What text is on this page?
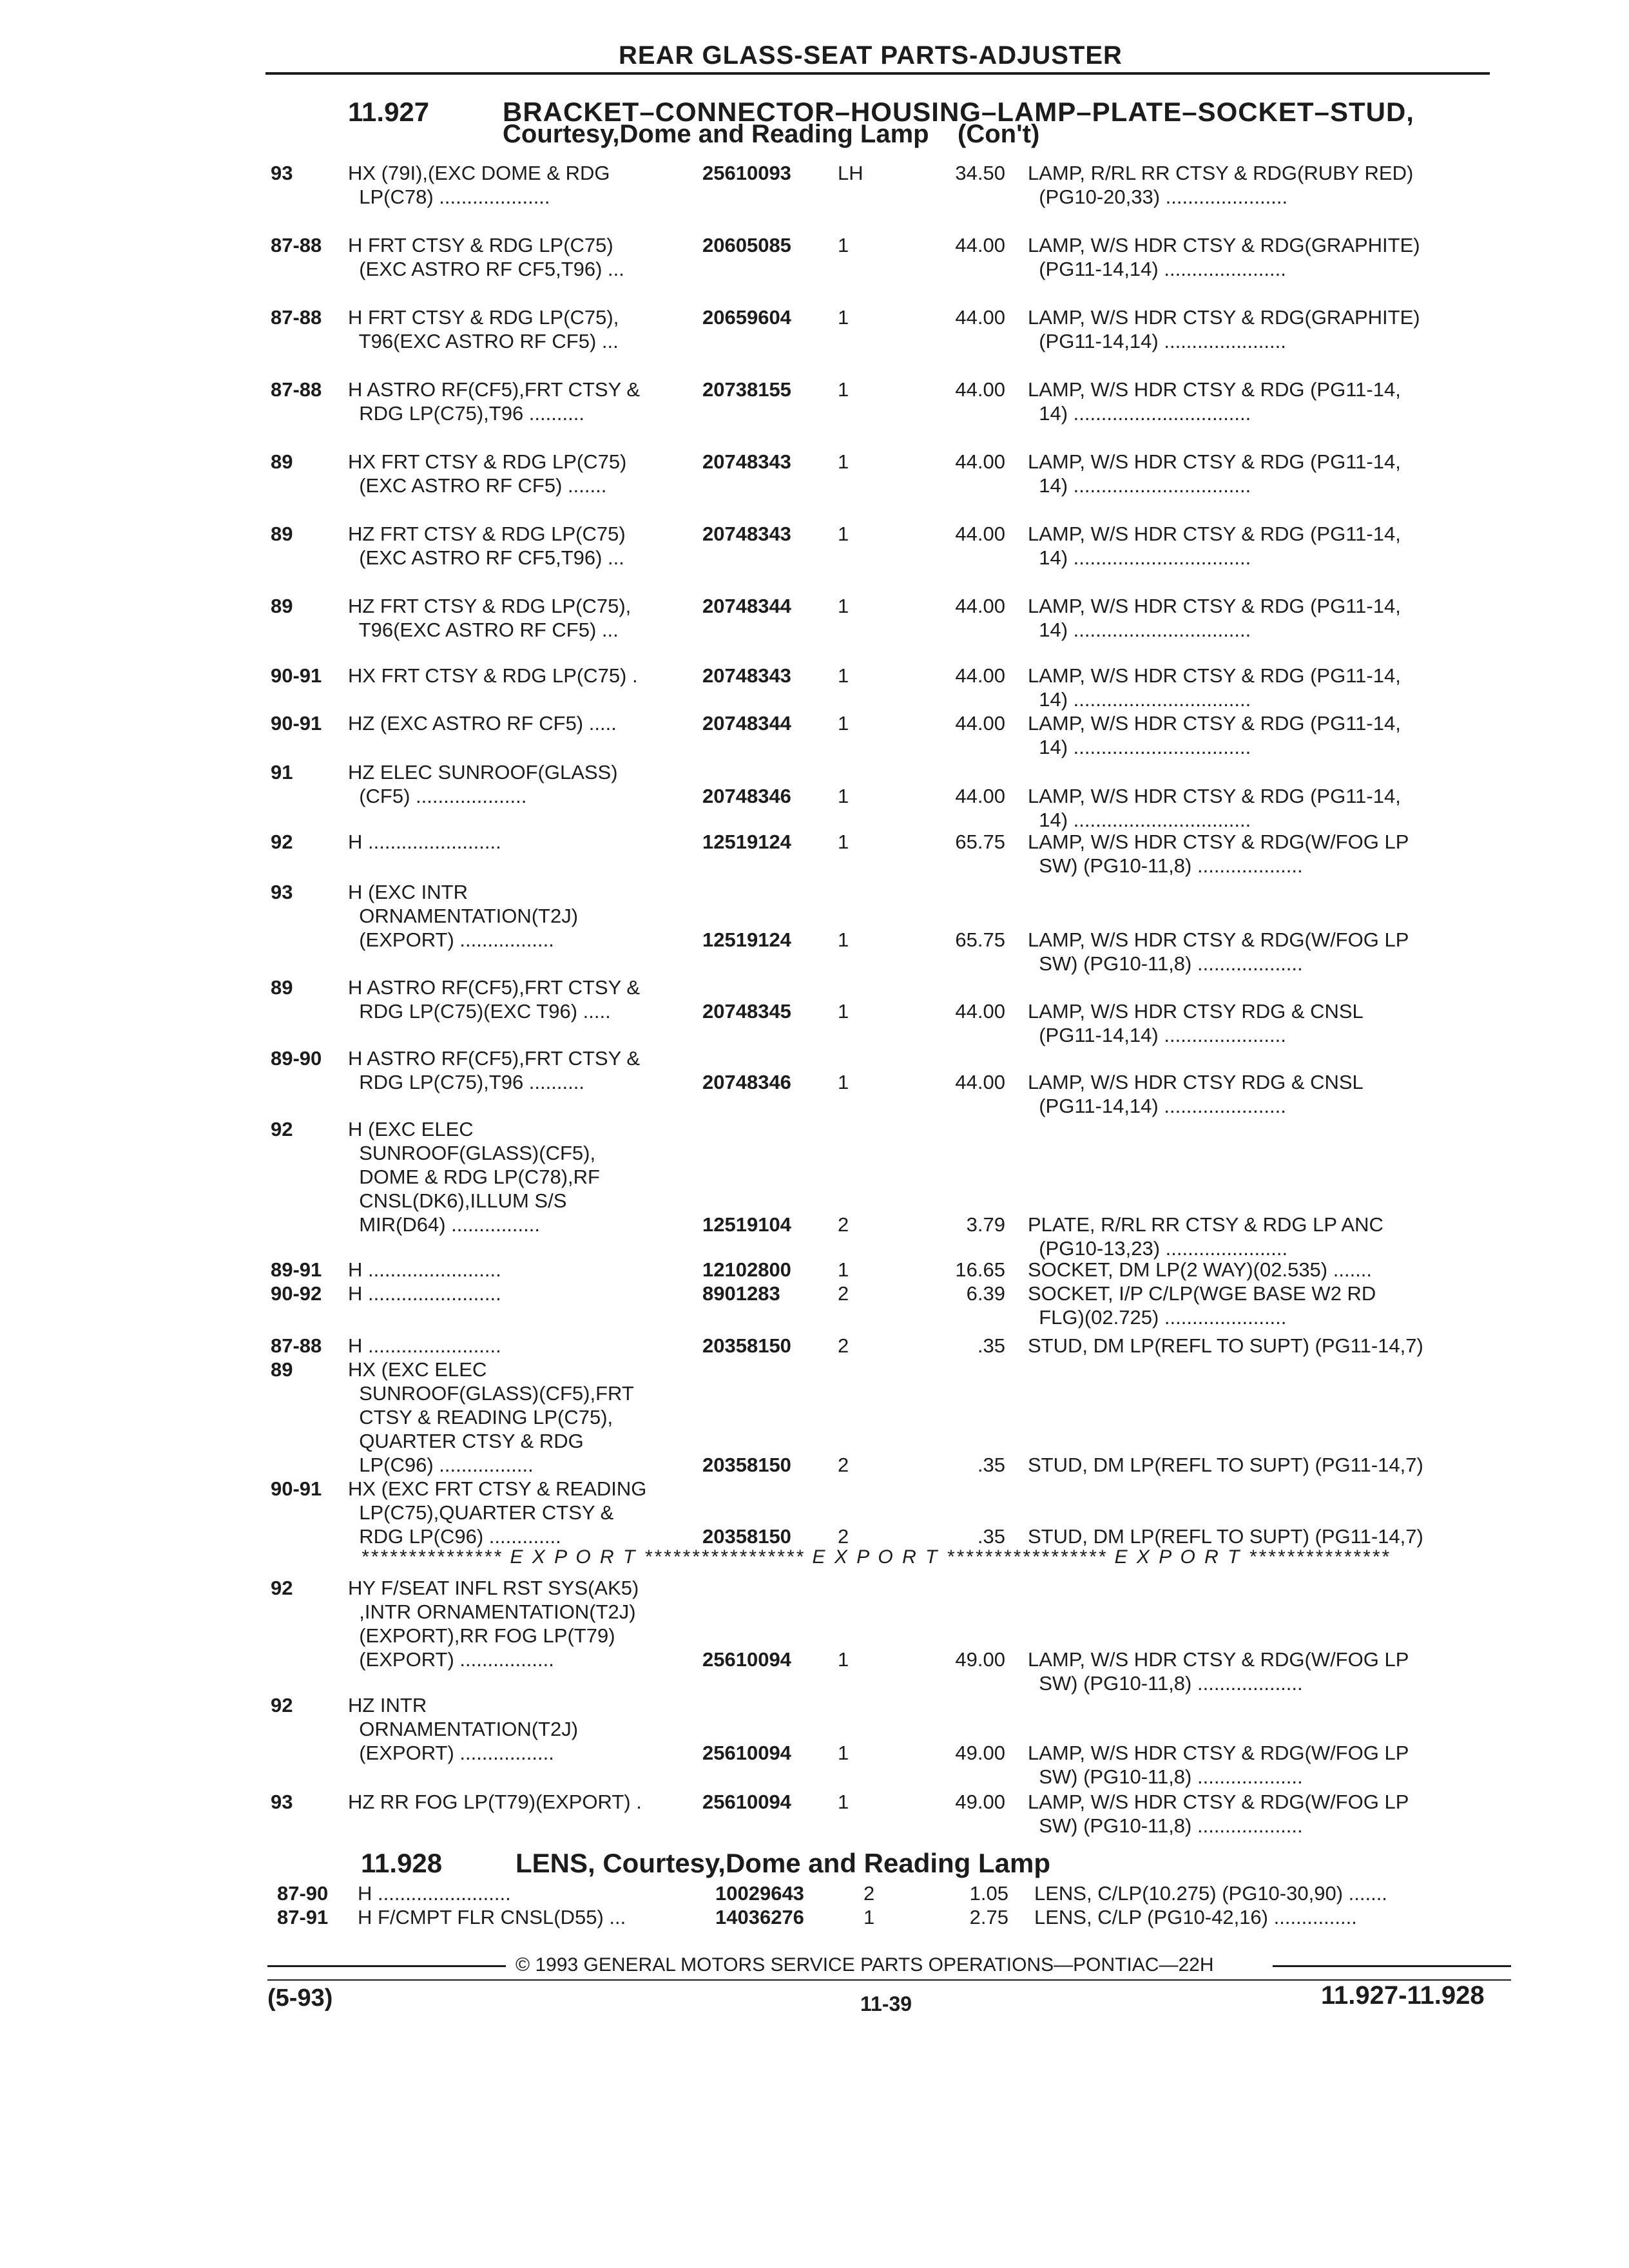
REAR GLASS-SEAT PARTS-ADJUSTER
11.927	BRACKET–CONNECTOR–HOUSING–LAMP–PLATE–SOCKET–STUD,
Courtesy,Dome and Reading Lamp    (Con't)
93	HX (79I),(EXC DOME & RDG
LP(C78) ....................
25610093 LH	34.50 LAMP, R/RL RR CTSY & RDG(RUBY RED)
(PG10-20,33) ......................
87-88 H FRT CTSY & RDG LP(C75)
(EXC ASTRO RF CF5,T96) ...
20605085 1	44.00 LAMP, W/S HDR CTSY & RDG(GRAPHITE)
(PG11-14,14) ......................
87-88 H FRT CTSY & RDG LP(C75),
T96(EXC ASTRO RF CF5) ...
20659604 1	44.00 LAMP, W/S HDR CTSY & RDG(GRAPHITE)
(PG11-14,14) ......................
87-88 H ASTRO RF(CF5),FRT CTSY &
RDG LP(C75),T96 ..........
20738155 1	44.00 LAMP, W/S HDR CTSY & RDG (PG11-14,
14) ................................
89	HX FRT CTSY & RDG LP(C75)
(EXC ASTRO RF CF5) .......
20748343 1	44.00 LAMP, W/S HDR CTSY & RDG (PG11-14,
14) ................................
89	HZ FRT CTSY & RDG LP(C75)
(EXC ASTRO RF CF5,T96) ...
20748343 1	44.00 LAMP, W/S HDR CTSY & RDG (PG11-14,
14) ................................
89	HZ FRT CTSY & RDG LP(C75),
T96(EXC ASTRO RF CF5) ...
20748344 1	44.00 LAMP, W/S HDR CTSY & RDG (PG11-14,
14) ................................
90-91 HX FRT CTSY & RDG LP(C75) .	20748343 1	44.00 LAMP, W/S HDR CTSY & RDG (PG11-14,
14) ................................
90-91 HZ (EXC ASTRO RF CF5) .....	20748344 1	44.00 LAMP, W/S HDR CTSY & RDG (PG11-14,
14) ................................
91	HZ ELEC SUNROOF(GLASS)
(CF5) ....................	20748346 1	44.00 LAMP, W/S HDR CTSY & RDG (PG11-14,
14) ................................
92	H ........................	12519124 1	65.75 LAMP, W/S HDR CTSY & RDG(W/FOG LP
SW) (PG10-11,8) ...................
93	H (EXC INTR
ORNAMENTATION(T2J)
(EXPORT) .................	12519124 1	65.75 LAMP, W/S HDR CTSY & RDG(W/FOG LP
SW) (PG10-11,8) ...................
89	H ASTRO RF(CF5),FRT CTSY &
RDG LP(C75)(EXC T96) .....	20748345 1	44.00 LAMP, W/S HDR CTSY RDG & CNSL
(PG11-14,14) ......................
89-90 H ASTRO RF(CF5),FRT CTSY &
RDG LP(C75),T96 ..........	20748346 1	44.00 LAMP, W/S HDR CTSY RDG & CNSL
(PG11-14,14) ......................
92	H (EXC ELEC
SUNROOF(GLASS)(CF5),
DOME & RDG LP(C78),RF
CNSL(DK6),ILLUM S/S
MIR(D64) ................	12519104 2	3.79 PLATE, R/RL RR CTSY & RDG LP ANC
(PG10-13,23) ......................
89-91 H ........................	12102800 1	16.65 SOCKET, DM LP(2 WAY)(02.535) .......
90-92 H ........................	8901283	2	6.39 SOCKET, I/P C/LP(WGE BASE W2 RD
FLG)(02.725) ......................
87-88 H ........................	20358150 2	.35 STUD, DM LP(REFL TO SUPT) (PG11-14,7)
89	HX (EXC ELEC
SUNROOF(GLASS)(CF5),FRT
CTSY & READING LP(C75),
QUARTER CTSY & RDG
LP(C96) .................	20358150 2	.35 STUD, DM LP(REFL TO SUPT) (PG11-14,7)
90-91 HX (EXC FRT CTSY & READING
LP(C75),QUARTER CTSY &
RDG LP(C96) .............	20358150 2	.35 STUD, DM LP(REFL TO SUPT) (PG11-14,7)
*************** E X P O R T ***************** E X P O R T ***************** E X P O R T ***************
92	HY F/SEAT INFL RST SYS(AK5)
,INTR ORNAMENTATION(T2J)
(EXPORT),RR FOG LP(T79)
(EXPORT) .................	25610094 1	49.00 LAMP, W/S HDR CTSY & RDG(W/FOG LP
SW) (PG10-11,8) ...................
92	HZ INTR
ORNAMENTATION(T2J)
(EXPORT) .................	25610094 1	49.00 LAMP, W/S HDR CTSY & RDG(W/FOG LP
SW) (PG10-11,8) ...................
93	HZ RR FOG LP(T79)(EXPORT) .	25610094 1	49.00 LAMP, W/S HDR CTSY & RDG(W/FOG LP
SW) (PG10-11,8) ...................
11.928	LENS, Courtesy,Dome and Reading Lamp
87-90 H ........................	10029643	2	1.05 LENS, C/LP(10.275) (PG10-30,90) .......
87-91 H F/CMPT FLR CNSL(D55) ...	14036276	1	2.75 LENS, C/LP (PG10-42,16) ...............
© 1993 GENERAL MOTORS SERVICE PARTS OPERATIONS—PONTIAC—22H
(5-93)	11-39	11.927-11.928
